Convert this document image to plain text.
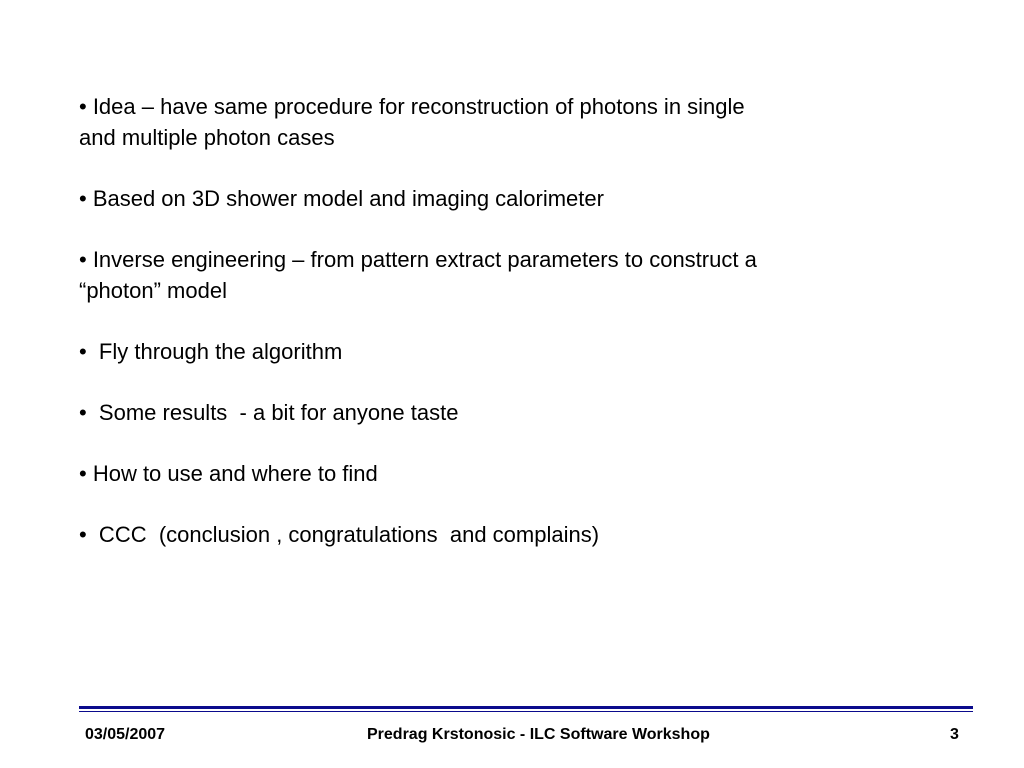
• Idea – have same procedure for reconstruction of photons in single
and multiple photon cases
• Based on 3D shower model and imaging calorimeter
• Inverse engineering – from pattern extract parameters to construct a
“photon” model
•  Fly through the algorithm
•  Some results  - a bit for anyone taste
• How to use and where to find
•  CCC  (conclusion , congratulations  and complains)
03/05/2007	Predrag Krstonosic - ILC Software Workshop	3
